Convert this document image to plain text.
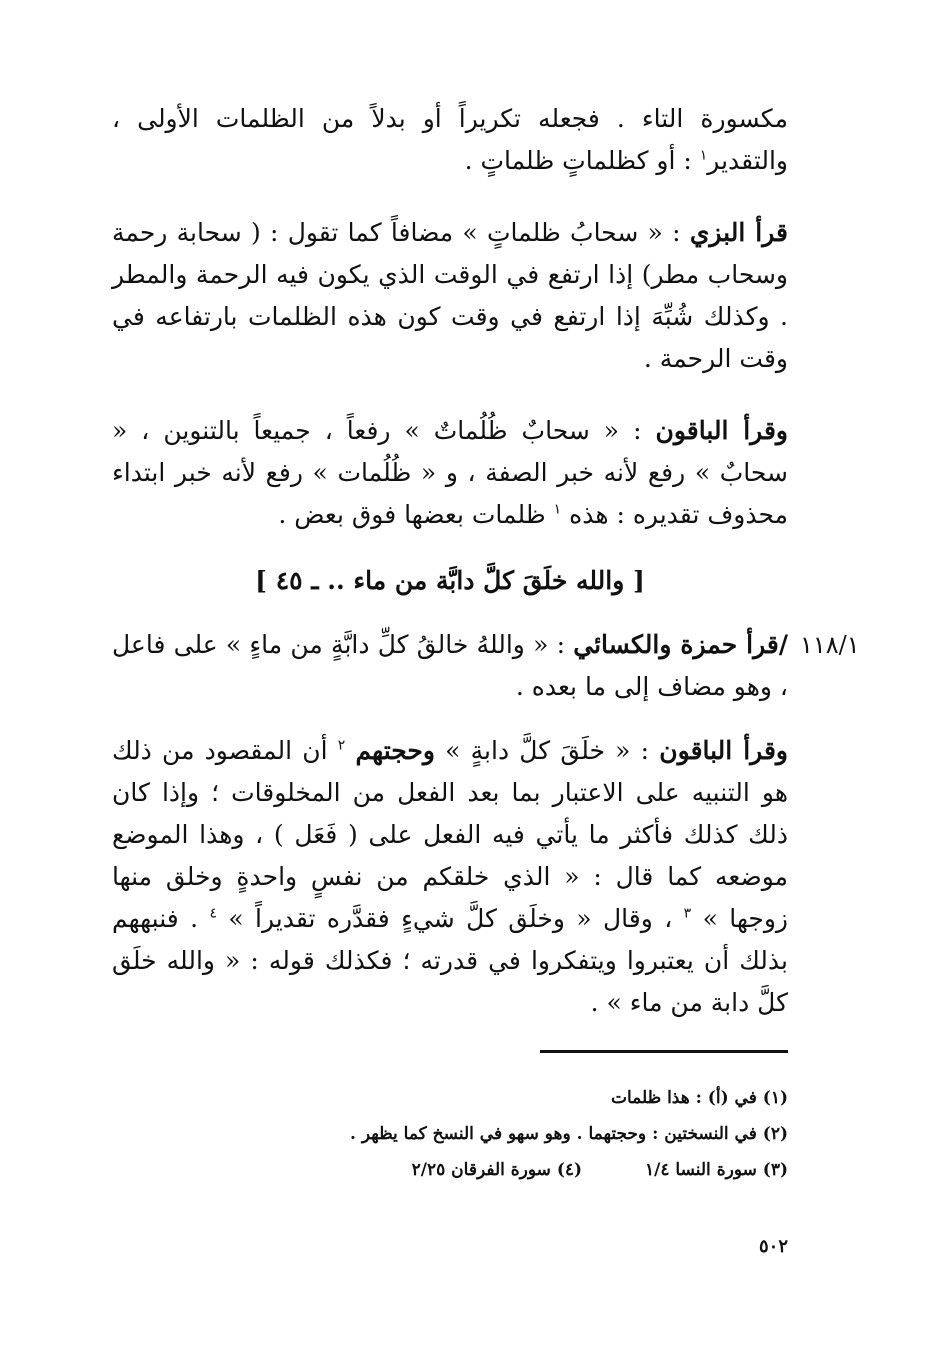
مكسورة التاء . فجعله تكريراً أو بدلاً من الظلمات الأولى ، والتقدير$^١$ : أو كظلماتٍ ظلماتٍ .

قرأ البزي : « سحابُ ظلماتٍ » مضافاً كما تقول : ( سحابة رحمة وسحاب مطر) إذا ارتفع في الوقت الذي يكون فيه الرحمة والمطر . وكذلك شُبِّهَ إذا ارتفع في وقت كون هذه الظلمات بارتفاعه في وقت الرحمة .

وقرأ الباقون : « سحابٌ ظُلُماتٌ » رفعاً ، جميعاً بالتنوين ، « سحابٌ » رفع لأنه خبر الصفة ، و « ظُلُمات » رفع لأنه خبر ابتداء محذوف تقديره : هذه $^١$ ظلمات بعضها فوق بعض .

[ والله خلَقَ كلَّ دابَّة من ماء .. ـ ٤٥ ]
١١٨/١

/قرأ حمزة والكسائي : « واللهُ خالقُ كلِّ دابَّةٍ من ماءٍ » على فاعل ، وهو مضاف إلى ما بعده .

وقرأ الباقون : « خلَقَ كلَّ دابةٍ » وحجتهم $^٢$ أن المقصود من ذلك هو التنبيه على الاعتبار بما بعد الفعل من المخلوقات ؛ وإذا كان ذلك كذلك فأكثر ما يأتي فيه الفعل على ( فَعَل ) ، وهذا الموضع موضعه كما قال : « الذي خلقكم من نفسٍ واحدةٍ وخلق منها زوجها » $^٣$ ، وقال « وخلَق كلَّ شيءٍ فقدَّره تقديراً » $^٤$ . فنبههم بذلك أن يعتبروا ويتفكروا في قدرته ؛ فكذلك قوله : « والله خلَق كلَّ دابة من ماء » .

(١) في (أ) : هذا ظلمات
(٢) في النسختين : وحجتهما . وهو سهو في النسخ كما يظهر .
(٣) سورة النسا ١/٤ (٤) سورة الفرقان ٢/٢٥
٥٠٢
